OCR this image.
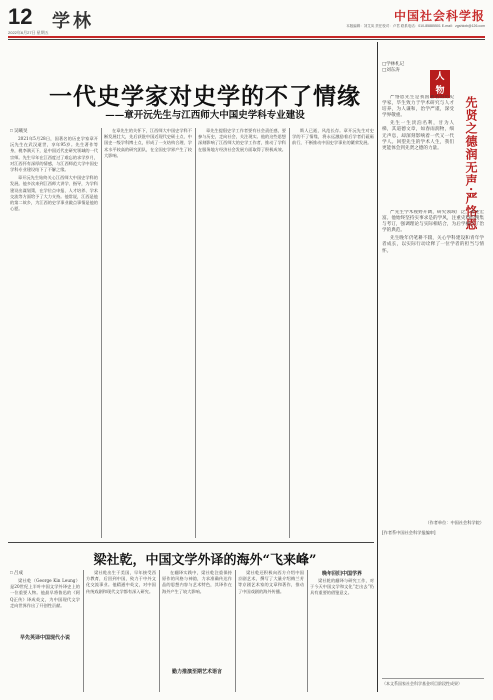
12 学林
2022年6月27日 星期五
中国社会科学报
本版编辑：刘艾凤 责任校对：卢君 联系电话：010-85885501 E-mail：zgshkxb@126.com
一代史学家对史学的不了情缘
——章开沅先生与江西师大中国史学科专业建设
□ 吴曦旻

2021年5月28日，国著名的历史学家章开沅先生在武汉逝世，享年95岁。先生著作等身，桃李满天下，是中国近代史研究领域的一代宗师。先生早年在江西度过了难忘的求学岁月，对江西怀有深厚的情感，与江西师范大学中国史学科专业建设结下了不解之缘。

章开沅先生始终关心江西师大中国史学科的发展。他多次来到江西师大讲学、指导，为学科建设出谋划策，在学位点申报、人才培养、学术交流等方面给予了大力支持。他常说，江西是他的第二故乡，为江西的史学事业做点事情是他的心愿。

在章先生的关怀下，江西师大中国史学科不断发展壮大，先后获批中国近现代史硕士点、中国史一级学科博士点，形成了一支结构合理、学术水平较高的研究团队，在全国史学界产生了较大影响。

章先生提倡史学工作者要有社会责任感，要参与历史，走向社会，关注现实。他的这些思想深刻影响了江西师大的史学工作者，推动了学科在服务地方经济社会发展方面取得了积极成效。

斯人已逝，风范长存。章开沅先生对史学的不了情缘，将永远激励着后学者们砥砺前行，不断推动中国史学事业的繁荣发展。

□学林札记
□刘东涛
人
物
先贤之德润无声·严恪恩

严恪恩先生是我国著名的历史学家，毕生致力于学术研究与人才培养，为人谦和，治学严谨，深受学界敬重。

先生一生淡泊名利，甘为人梯，其道德文章，如春雨润物，细无声息，却深刻影响着一代又一代学人。回望先生的学术人生，我们更能体会到先贤之德的力量。

严先生学术视野开阔，研究领域广泛，著述宏富。他始终坚持实事求是的学风，注重史料的搜集与考订，强调理论与实际相结合，为后学树立了治学的典范。

先生晚年仍笔耕不辍，关心学科建设和青年学者成长，以实际行动诠释了一位学者的担当与情怀。

（作者单位：中国社会科学院）
[作者系中国社会科学报编审]
梁社乾，中国文学外译的海外“飞来峰”
□ 吕成

梁社乾（George Kin Leung）是20世纪上半叶中国文学外译史上的一位重要人物。他最早将鲁迅的《阿Q正传》译成英文，为中国现代文学走向世界作出了开创性贡献。

早先英译中国现代小说

梁社乾出生于美国，早年接受西方教育，后回到中国，致力于中外文化交流事业。他精通中英文，对中国传统戏剧和现代文学都有深入研究。

在翻译实践中，梁社乾注重保持原作的风格与神韵，力求准确传达作品的思想内容与艺术特色，其译作在海外产生了较大影响。

勤力推演至期艺术语言

梁社乾还积极向西方介绍中国京剧艺术，撰写了大量介绍梅兰芳等京剧艺术家的文章和著作，推动了中国戏剧的海外传播。

梁社乾的翻译与研究工作，对于今天中国文学和文化“走出去”仍具有重要的借鉴意义。

晚年回归中国学界
（本文系国家社会科学基金项目阶段性成果）
